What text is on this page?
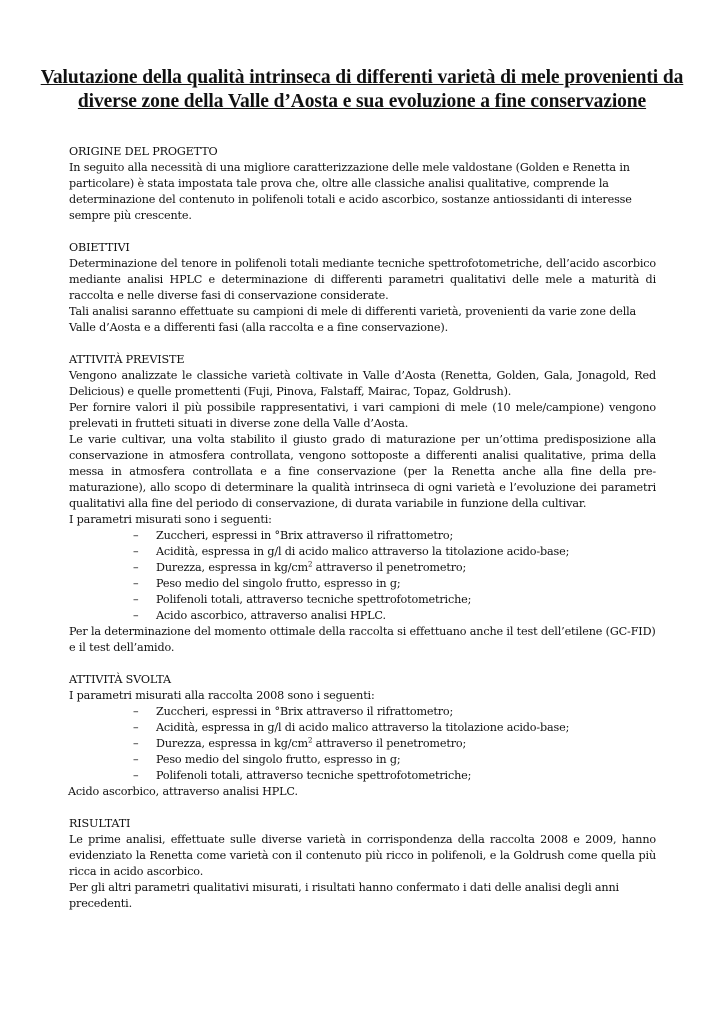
Valutazione della qualità intrinseca di differenti varietà di mele provenienti da diverse zone della Valle d’Aosta e sua evoluzione a fine conservazione

ORIGINE DEL PROGETTO

In seguito alla necessità di una migliore caratterizzazione delle mele valdostane (Golden e Renetta in particolare) è stata impostata tale prova che, oltre alle classiche analisi qualitative, comprende la determinazione del contenuto in polifenoli totali e acido ascorbico, sostanze antiossidanti di interesse sempre più crescente.

OBIETTIVI

Determinazione del tenore in polifenoli totali mediante tecniche spettrofotometriche, dell’acido ascorbico mediante analisi HPLC e determinazione di differenti parametri qualitativi delle mele a maturità di raccolta e nelle diverse fasi di conservazione considerate.

Tali analisi saranno effettuate su campioni di mele di differenti varietà, provenienti da varie zone della Valle d’Aosta e a differenti fasi (alla raccolta e a fine conservazione).

ATTIVITÀ PREVISTE

Vengono analizzate le classiche varietà coltivate in Valle d’Aosta (Renetta, Golden, Gala, Jonagold, Red Delicious) e quelle promettenti (Fuji, Pinova, Falstaff, Mairac, Topaz, Goldrush).

Per fornire valori il più possibile rappresentativi, i vari campioni di mele (10 mele/campione) vengono prelevati in frutteti situati in diverse zone della Valle d’Aosta.

Le varie cultivar, una volta stabilito il giusto grado di maturazione per un’ottima predisposizione alla conservazione in atmosfera controllata, vengono sottoposte a differenti analisi qualitative, prima della messa in atmosfera controllata e a fine conservazione (per la Renetta anche alla fine della pre-maturazione), allo scopo di determinare la qualità intrinseca di ogni varietà e l’evoluzione dei parametri qualitativi alla fine del periodo di conservazione, di durata variabile in funzione della cultivar.

I parametri misurati sono i seguenti:

– Zuccheri, espressi in °Brix attraverso il rifrattometro;
– Acidità, espressa in g/l di acido malico attraverso la titolazione acido-base;
– Durezza, espressa in $kg/cm^2$ attraverso il penetrometro;
– Peso medio del singolo frutto, espresso in g;
– Polifenoli totali, attraverso tecniche spettrofotometriche;
– Acido ascorbico, attraverso analisi HPLC.

Per la determinazione del momento ottimale della raccolta si effettuano anche il test dell’etilene (GC-FID) e il test dell’amido.

ATTIVITÀ SVOLTA

I parametri misurati alla raccolta 2008 sono i seguenti:

– Zuccheri, espressi in °Brix attraverso il rifrattometro;
– Acidità, espressa in g/l di acido malico attraverso la titolazione acido-base;
– Durezza, espressa in $kg/cm^2$ attraverso il penetrometro;
– Peso medio del singolo frutto, espresso in g;
– Polifenoli totali, attraverso tecniche spettrofotometriche;

Acido ascorbico, attraverso analisi HPLC.

RISULTATI

Le prime analisi, effettuate sulle diverse varietà in corrispondenza della raccolta 2008 e 2009, hanno evidenziato la Renetta come varietà con il contenuto più ricco in polifenoli, e la Goldrush come quella più ricca in acido ascorbico.

Per gli altri parametri qualitativi misurati, i risultati hanno confermato i dati delle analisi degli anni precedenti.
